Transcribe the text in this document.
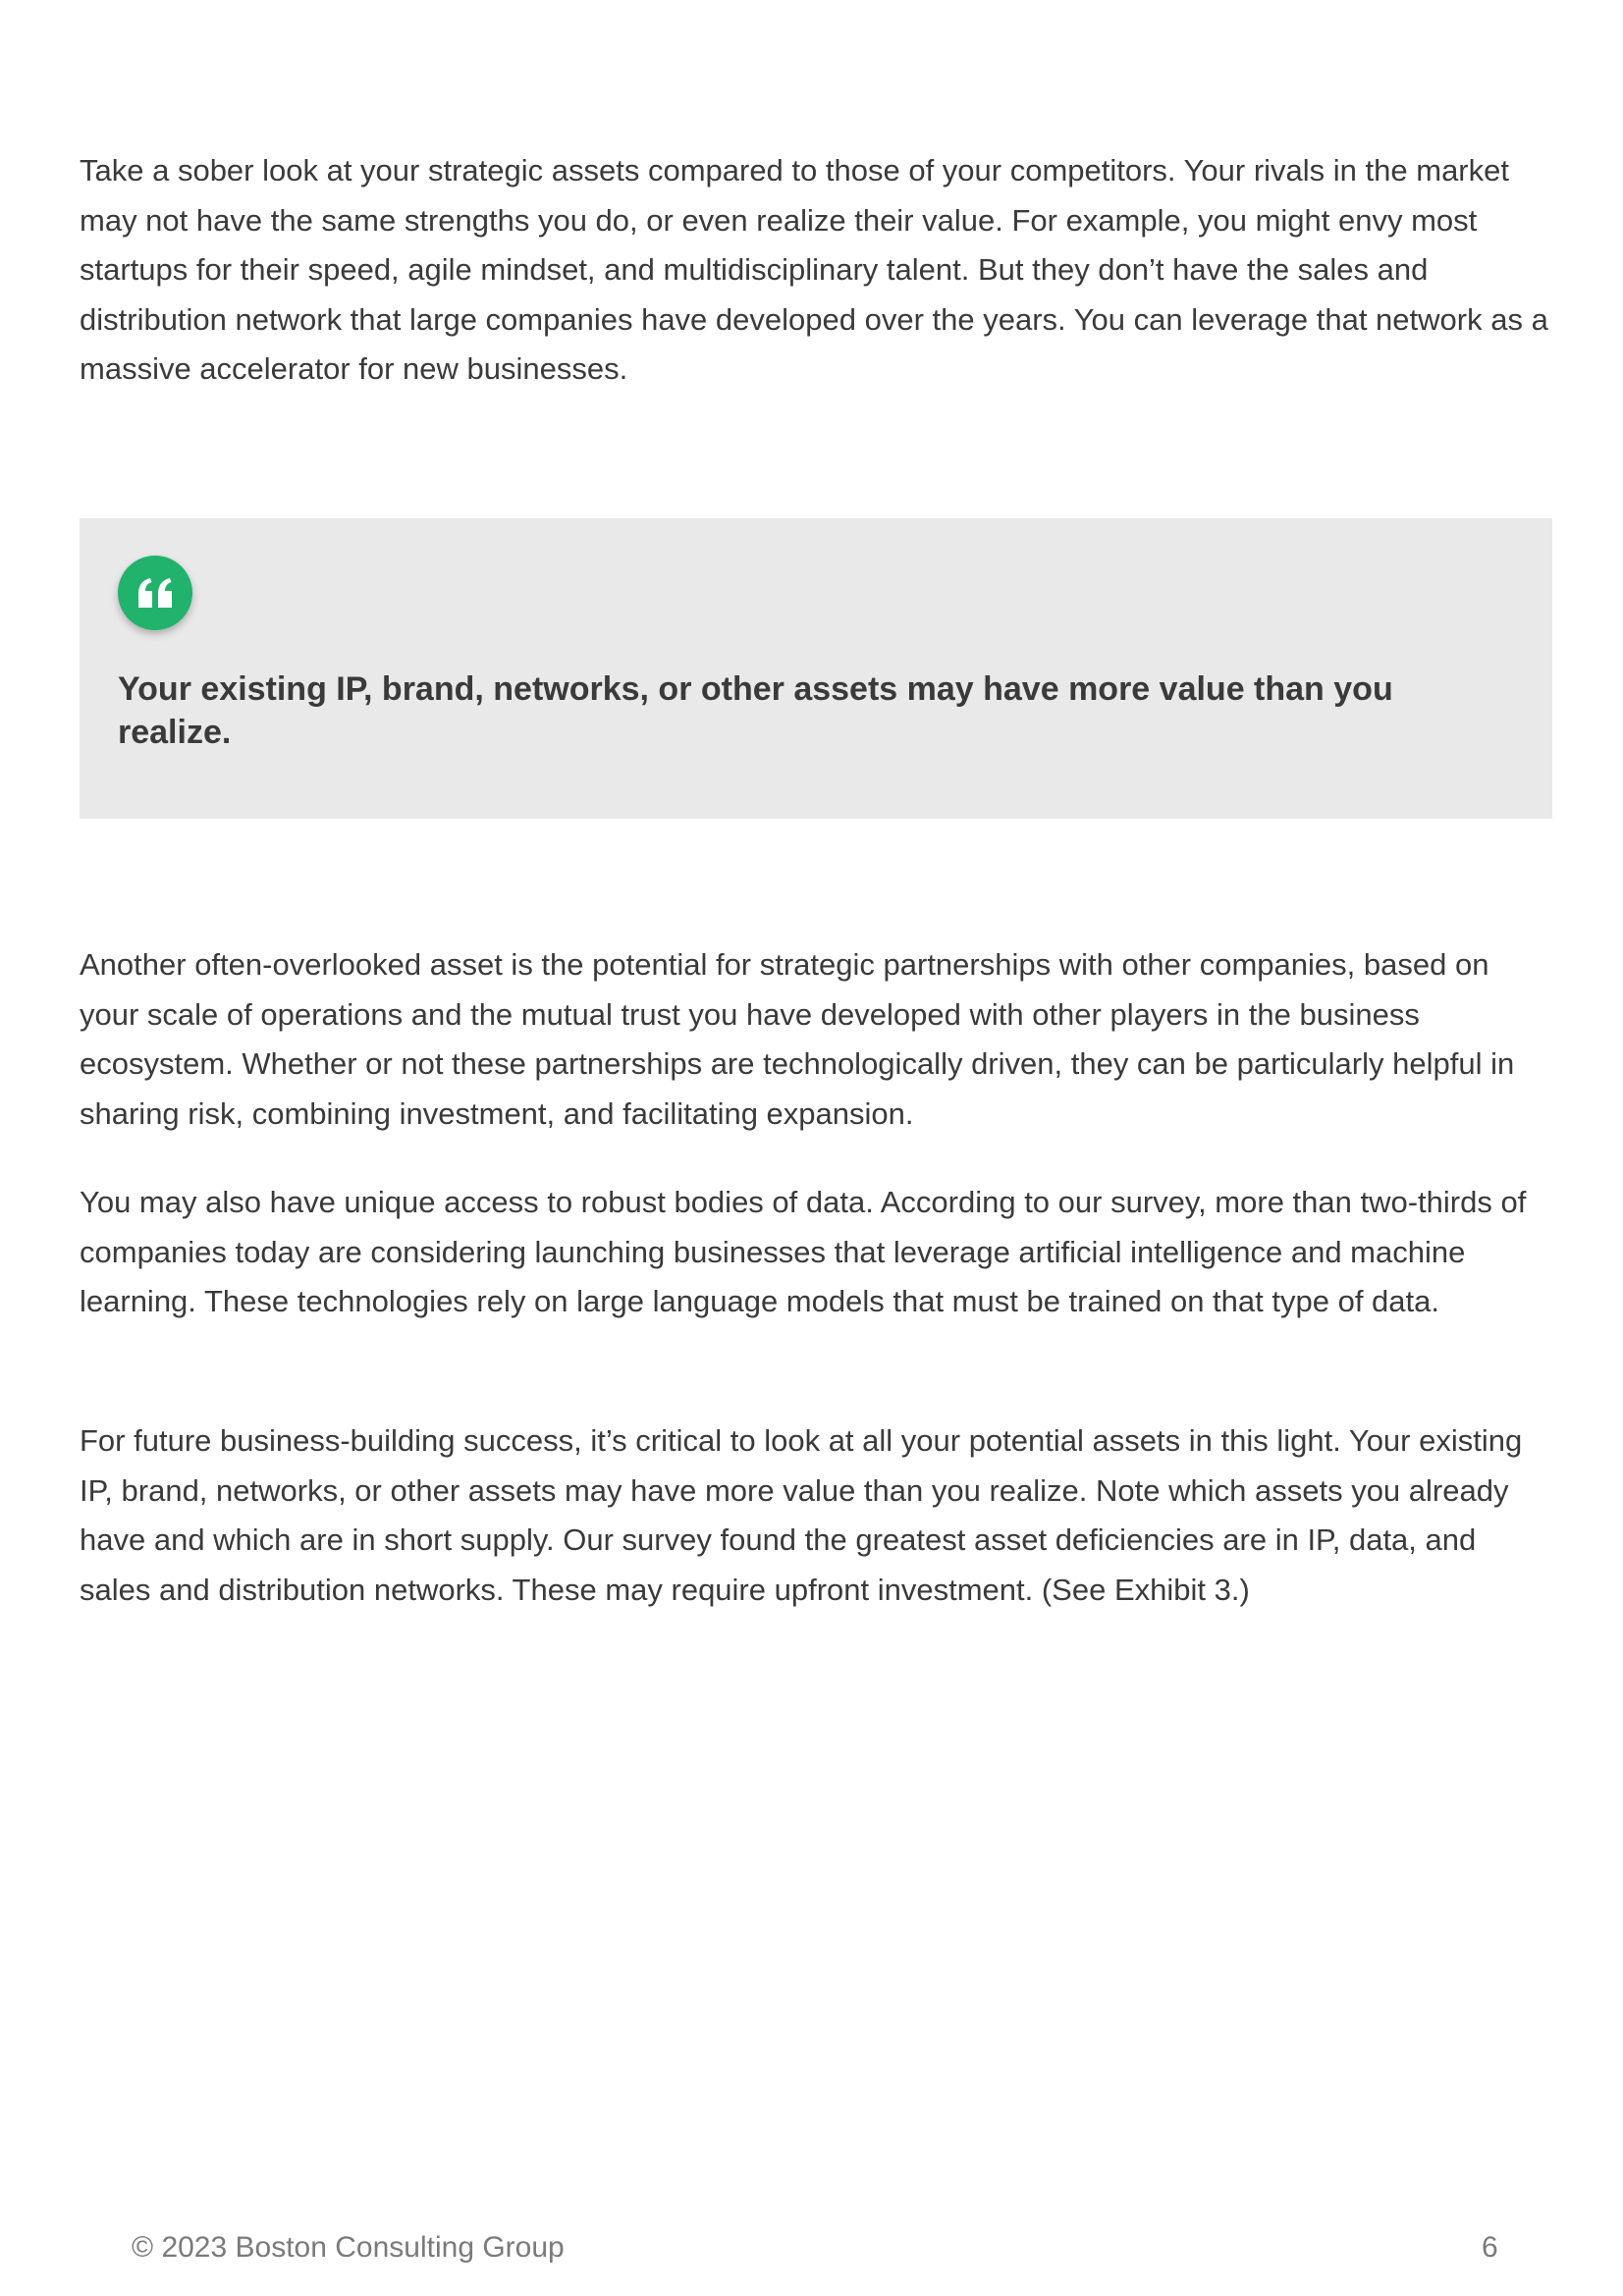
Take a sober look at your strategic assets compared to those of your competitors. Your rivals in the market may not have the same strengths you do, or even realize their value. For example, you might envy most startups for their speed, agile mindset, and multidisciplinary talent. But they don’t have the sales and distribution network that large companies have developed over the years. You can leverage that network as a massive accelerator for new businesses.

Your existing IP, brand, networks, or other assets may have more value than you realize.

Another often-overlooked asset is the potential for strategic partnerships with other companies, based on your scale of operations and the mutual trust you have developed with other players in the business ecosystem. Whether or not these partnerships are technologically driven, they can be particularly helpful in sharing risk, combining investment, and facilitating expansion.

You may also have unique access to robust bodies of data. According to our survey, more than two-thirds of companies today are considering launching businesses that leverage artificial intelligence and machine learning. These technologies rely on large language models that must be trained on that type of data.

For future business-building success, it’s critical to look at all your potential assets in this light. Your existing IP, brand, networks, or other assets may have more value than you realize. Note which assets you already have and which are in short supply. Our survey found the greatest asset deficiencies are in IP, data, and sales and distribution networks. These may require upfront investment. (See Exhibit 3.)

© 2023 Boston Consulting Group	6
